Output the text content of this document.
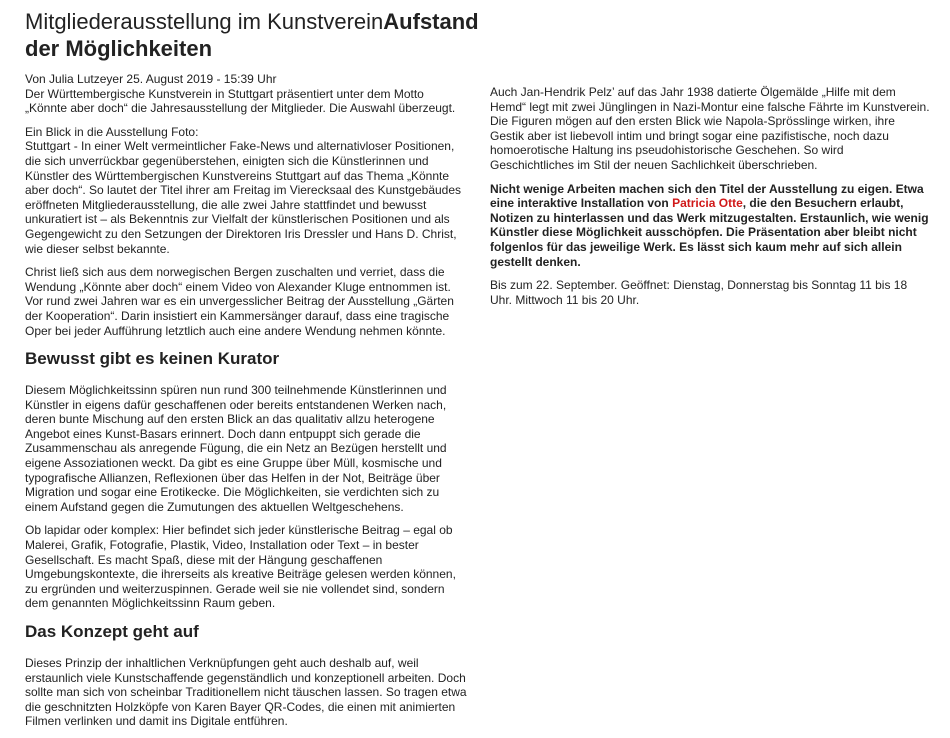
Mitgliederausstellung im KunstvereinAufstand der Möglichkeiten

Von Julia Lutzeyer 25. August 2019 - 15:39 Uhr
Der Württembergische Kunstverein in Stuttgart präsentiert unter dem Motto „Könnte aber doch“ die Jahresausstellung der Mitglieder. Die Auswahl überzeugt.

Ein Blick in die Ausstellung Foto:
Stuttgart - In einer Welt vermeintlicher Fake-News und alternativloser Positionen, die sich unverrückbar gegenüberstehen, einigten sich die Künstlerinnen und Künstler des Württembergischen Kunstvereins Stuttgart auf das Thema „Könnte aber doch“. So lautet der Titel ihrer am Freitag im Vierecksaal des Kunstgebäudes eröffneten Mitgliederausstellung, die alle zwei Jahre stattfindet und bewusst unkuratiert ist – als Bekenntnis zur Vielfalt der künstlerischen Positionen und als Gegengewicht zu den Setzungen der Direktoren Iris Dressler und Hans D. Christ, wie dieser selbst bekannte.

Christ ließ sich aus dem norwegischen Bergen zuschalten und verriet, dass die Wendung „Könnte aber doch“ einem Video von Alexander Kluge entnommen ist. Vor rund zwei Jahren war es ein unvergesslicher Beitrag der Ausstellung „Gärten der Kooperation“. Darin insistiert ein Kammersänger darauf, dass eine tragische Oper bei jeder Aufführung letztlich auch eine andere Wendung nehmen könnte.

Bewusst gibt es keinen Kurator

Diesem Möglichkeitssinn spüren nun rund 300 teilnehmende Künstlerinnen und Künstler in eigens dafür geschaffenen oder bereits entstandenen Werken nach, deren bunte Mischung auf den ersten Blick an das qualitativ allzu heterogene Angebot eines Kunst-Basars erinnert. Doch dann entpuppt sich gerade die Zusammenschau als anregende Fügung, die ein Netz an Bezügen herstellt und eigene Assoziationen weckt. Da gibt es eine Gruppe über Müll, kosmische und typografische Allianzen, Reflexionen über das Helfen in der Not, Beiträge über Migration und sogar eine Erotikecke. Die Möglichkeiten, sie verdichten sich zu einem Aufstand gegen die Zumutungen des aktuellen Weltgeschehens.

Ob lapidar oder komplex: Hier befindet sich jeder künstlerische Beitrag – egal ob Malerei, Grafik, Fotografie, Plastik, Video, Installation oder Text – in bester Gesellschaft. Es macht Spaß, diese mit der Hängung geschaffenen Umgebungskontexte, die ihrerseits als kreative Beiträge gelesen werden können, zu ergründen und weiterzuspinnen. Gerade weil sie nie vollendet sind, sondern dem genannten Möglichkeitssinn Raum geben.

Das Konzept geht auf

Dieses Prinzip der inhaltlichen Verknüpfungen geht auch deshalb auf, weil erstaunlich viele Kunstschaffende gegenständlich und konzeptionell arbeiten. Doch sollte man sich von scheinbar Traditionellem nicht täuschen lassen. So tragen etwa die geschnitzten Holzköpfe von Karen Bayer QR-Codes, die einen mit animierten Filmen verlinken und damit ins Digitale entführen.

Auch Jan-Hendrik Pelz’ auf das Jahr 1938 datierte Ölgemälde „Hilfe mit dem Hemd“ legt mit zwei Jünglingen in Nazi-Montur eine falsche Fährte im Kunstverein. Die Figuren mögen auf den ersten Blick wie Napola-Sprösslinge wirken, ihre Gestik aber ist liebevoll intim und bringt sogar eine pazifistische, noch dazu homoerotische Haltung ins pseudohistorische Geschehen. So wird Geschichtliches im Stil der neuen Sachlichkeit überschrieben.

Nicht wenige Arbeiten machen sich den Titel der Ausstellung zu eigen. Etwa eine interaktive Installation von Patricia Otte, die den Besuchern erlaubt, Notizen zu hinterlassen und das Werk mitzugestalten. Erstaunlich, wie wenig Künstler diese Möglichkeit ausschöpfen. Die Präsentation aber bleibt nicht folgenlos für das jeweilige Werk. Es lässt sich kaum mehr auf sich allein gestellt denken.

Bis zum 22. September. Geöffnet: Dienstag, Donnerstag bis Sonntag 11 bis 18 Uhr. Mittwoch 11 bis 20 Uhr.
